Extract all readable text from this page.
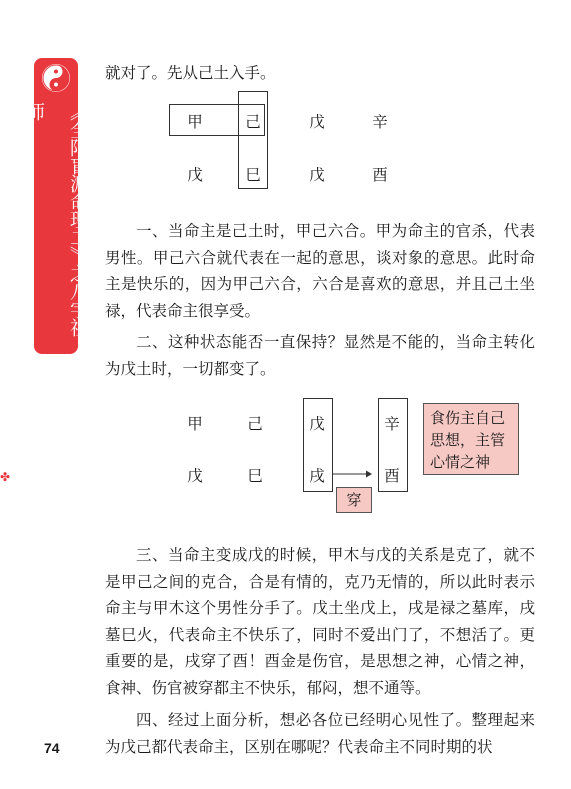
《全阳盲派命理二》之八字祖师
✤

就对了。先从己土入手。

甲	己	戊	辛
戊	巳	戊	酉

一、当命主是己土时，甲己六合。甲为命主的官杀，代表男性。甲己六合就代表在一起的意思，谈对象的意思。此时命主是快乐的，因为甲己六合，六合是喜欢的意思，并且己土坐禄，代表命主很享受。

二、这种状态能否一直保持？显然是不能的，当命主转化为戊土时，一切都变了。

甲	己	戊	辛
戊	巳	戌	酉
穿
食伤主自己思想，主管心情之神

三、当命主变成戊的时候，甲木与戊的关系是克了，就不是甲己之间的克合，合是有情的，克乃无情的，所以此时表示命主与甲木这个男性分手了。戊土坐戊上，戌是禄之墓库，戌墓巳火，代表命主不快乐了，同时不爱出门了，不想活了。更重要的是，戌穿了酉！酉金是伤官，是思想之神，心情之神，食神、伤官被穿都主不快乐，郁闷，想不通等。

四、经过上面分析，想必各位已经明心见性了。整理起来为戊己都代表命主，区别在哪呢？代表命主不同时期的状

74
